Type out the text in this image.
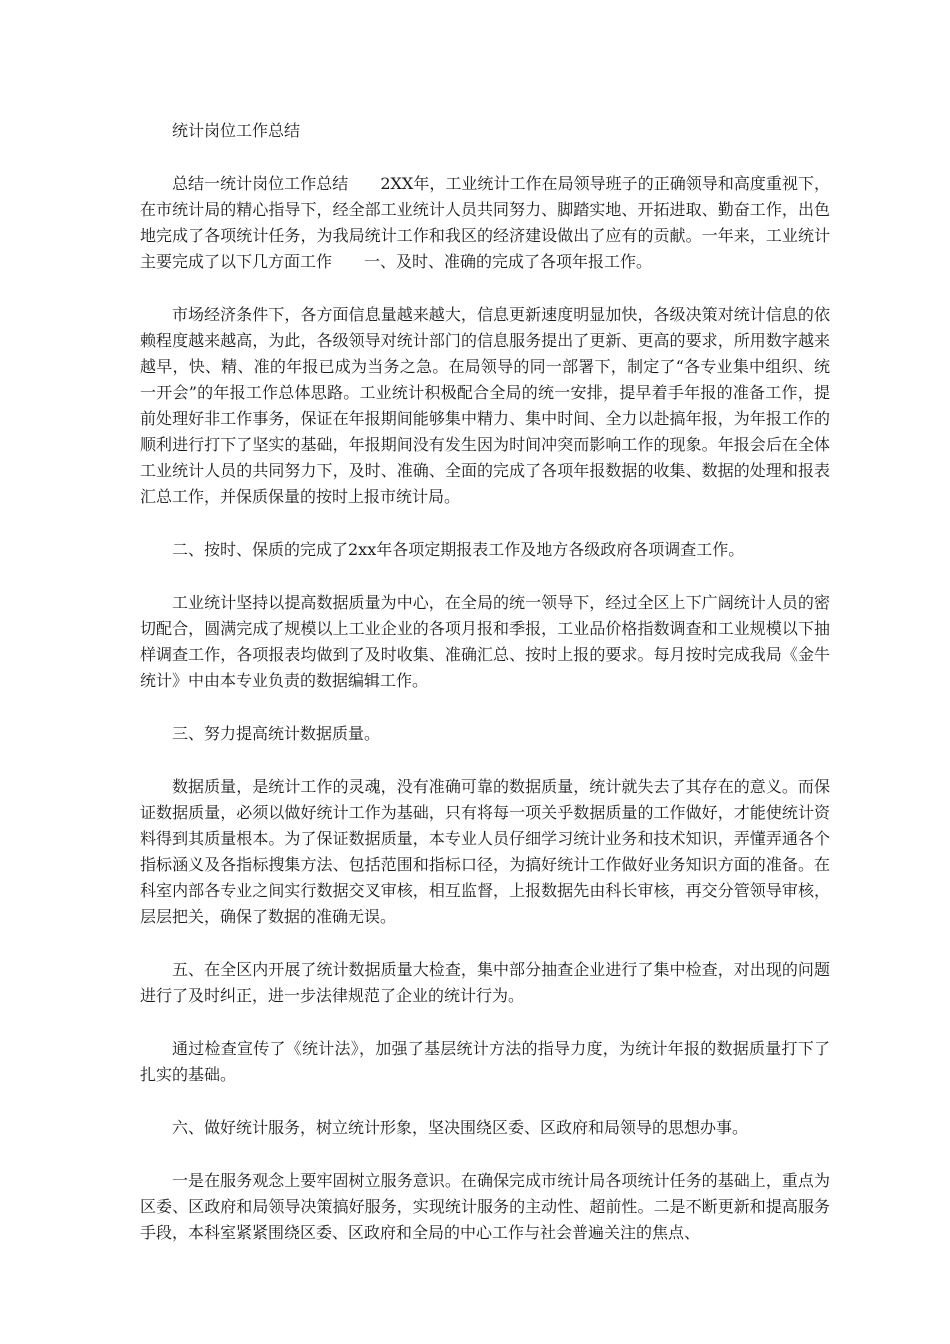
统计岗位工作总结

总结一统计岗位工作总结　　2XX年，工业统计工作在局领导班子的正确领导和高度重视下，在市统计局的精心指导下，经全部工业统计人员共同努力、脚踏实地、开拓进取、勤奋工作，出色地完成了各项统计任务，为我局统计工作和我区的经济建设做出了应有的贡献。一年来，工业统计主要完成了以下几方面工作　　一、及时、准确的完成了各项年报工作。

市场经济条件下，各方面信息量越来越大，信息更新速度明显加快，各级决策对统计信息的依赖程度越来越高，为此，各级领导对统计部门的信息服务提出了更新、更高的要求，所用数字越来越早，快、精、准的年报已成为当务之急。在局领导的同一部署下，制定了“各专业集中组织、统一开会”的年报工作总体思路。工业统计积极配合全局的统一安排，提早着手年报的准备工作，提前处理好非工作事务，保证在年报期间能够集中精力、集中时间、全力以赴搞年报，为年报工作的顺利进行打下了坚实的基础，年报期间没有发生因为时间冲突而影响工作的现象。年报会后在全体工业统计人员的共同努力下，及时、准确、全面的完成了各项年报数据的收集、数据的处理和报表汇总工作，并保质保量的按时上报市统计局。

二、按时、保质的完成了2xx年各项定期报表工作及地方各级政府各项调查工作。

工业统计坚持以提高数据质量为中心，在全局的统一领导下，经过全区上下广阔统计人员的密切配合，圆满完成了规模以上工业企业的各项月报和季报，工业品价格指数调查和工业规模以下抽样调查工作，各项报表均做到了及时收集、准确汇总、按时上报的要求。每月按时完成我局《金牛统计》中由本专业负责的数据编辑工作。

三、努力提高统计数据质量。

数据质量，是统计工作的灵魂，没有准确可靠的数据质量，统计就失去了其存在的意义。而保证数据质量，必须以做好统计工作为基础，只有将每一项关乎数据质量的工作做好，才能使统计资料得到其质量根本。为了保证数据质量，本专业人员仔细学习统计业务和技术知识，弄懂弄通各个指标涵义及各指标搜集方法、包括范围和指标口径，为搞好统计工作做好业务知识方面的准备。在科室内部各专业之间实行数据交叉审核，相互监督，上报数据先由科长审核，再交分管领导审核，层层把关，确保了数据的准确无误。

五、在全区内开展了统计数据质量大检查，集中部分抽查企业进行了集中检查，对出现的问题进行了及时纠正，进一步法律规范了企业的统计行为。

通过检查宣传了《统计法》，加强了基层统计方法的指导力度，为统计年报的数据质量打下了扎实的基础。

六、做好统计服务，树立统计形象，坚决围绕区委、区政府和局领导的思想办事。

一是在服务观念上要牢固树立服务意识。在确保完成市统计局各项统计任务的基础上，重点为区委、区政府和局领导决策搞好服务，实现统计服务的主动性、超前性。二是不断更新和提高服务手段，本科室紧紧围绕区委、区政府和全局的中心工作与社会普遍关注的焦点、
